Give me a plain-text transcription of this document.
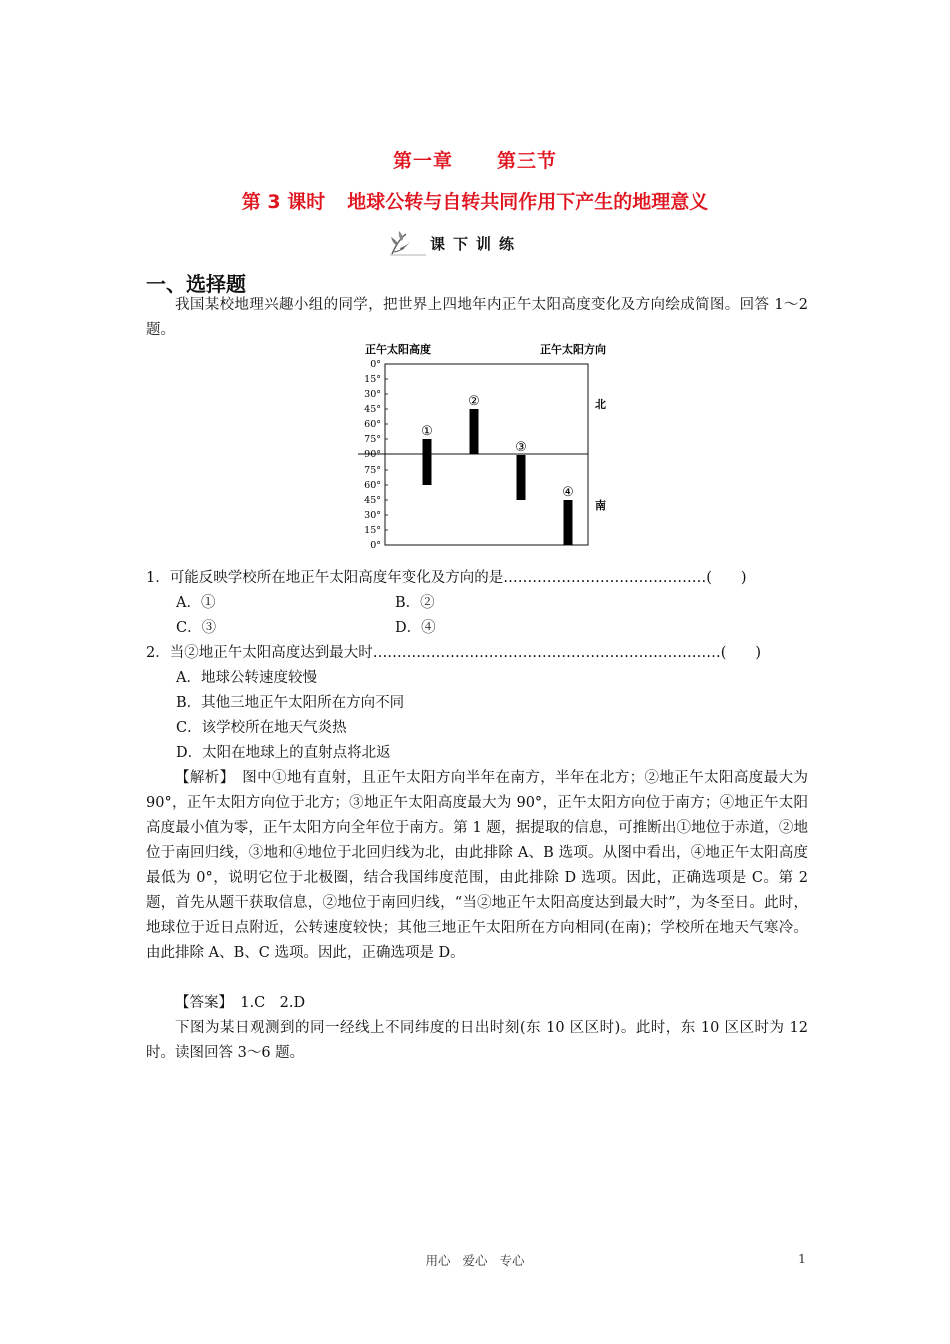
第一章 第三节
第 3 课时 地球公转与自转共同作用下产生的地理意义
课下训练
一、选择题
我国某校地理兴趣小组的同学，把世界上四地年内正午太阳高度变化及方向绘成简图。回答 1～2 题。
正午太阳高度	正午太阳方向
0°
15°
30°
45°
60°
75°
90°
75°
60°
45°
30°
15°
0°
北
南
①
②
③
④
1．可能反映学校所在地正午太阳高度年变化及方向的是……………………………………(　　)
A．①	B．②
C．③	D．④
2．当②地正午太阳高度达到最大时………………………………………………………………(　　)
A．地球公转速度较慢
B．其他三地正午太阳所在方向不同
C．该学校所在地天气炎热
D．太阳在地球上的直射点将北返
【解析】　图中①地有直射，且正午太阳方向半年在南方，半年在北方；②地正午太阳高度最大为 90°，正午太阳方向位于北方；③地正午太阳高度最大为 90°，正午太阳方向位于南方；④地正午太阳高度最小值为零，正午太阳方向全年位于南方。第 1 题，据提取的信息，可推断出①地位于赤道，②地位于南回归线，③地和④地位于北回归线为北，由此排除 A、B 选项。从图中看出，④地正午太阳高度最低为 0°，说明它位于北极圈，结合我国纬度范围，由此排除 D 选项。因此，正确选项是 C。第 2 题，首先从题干获取信息，②地位于南回归线，“当②地正午太阳高度达到最大时”，为冬至日。此时，地球位于近日点附近，公转速度较快；其他三地正午太阳所在方向相同(在南)；学校所在地天气寒冷。由此排除 A、B、C 选项。因此，正确选项是 D。
【答案】　1.C　2.D
下图为某日观测到的同一经线上不同纬度的日出时刻(东 10 区区时)。此时，东 10 区区时为 12 时。读图回答 3～6 题。
用心 爱心 专心	1
